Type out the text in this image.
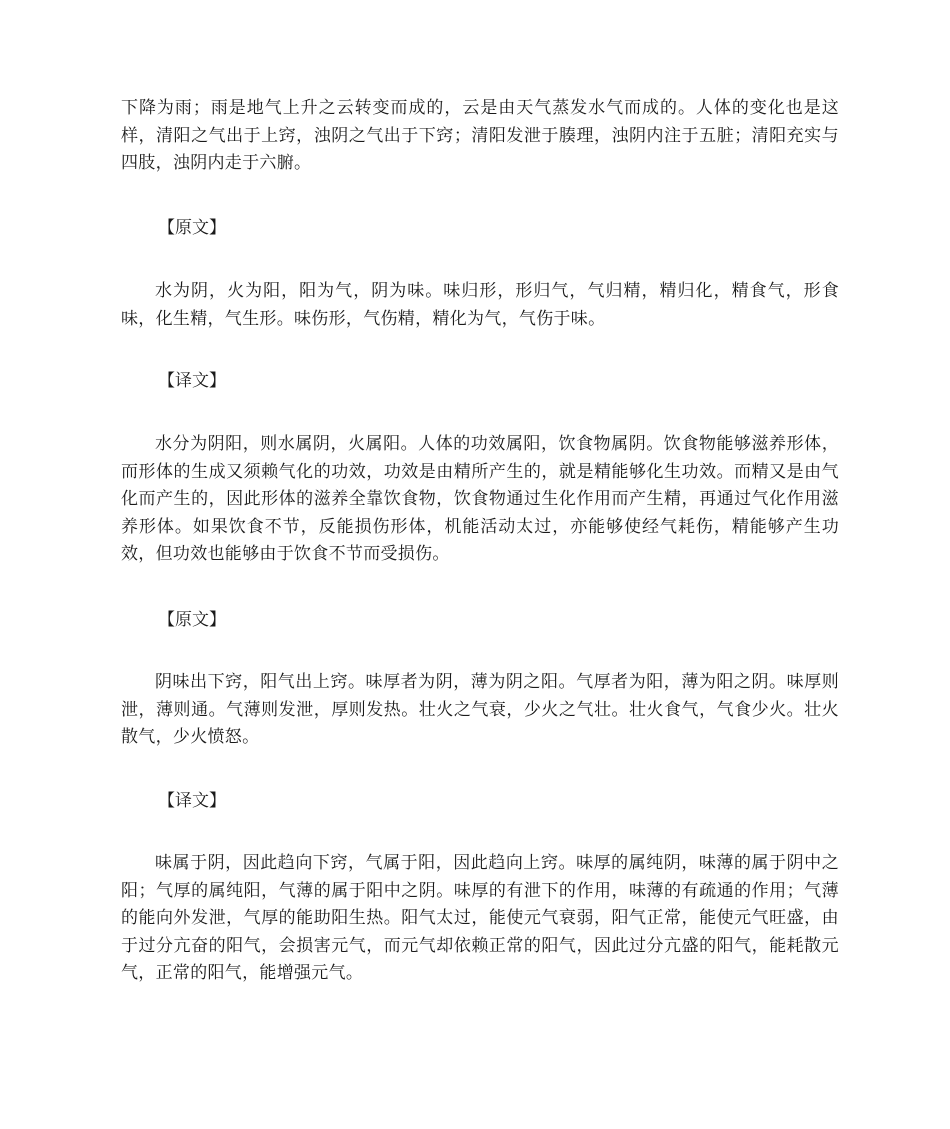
下降为雨；雨是地气上升之云转变而成的，云是由天气蒸发水气而成的。人体的变化也是这样，清阳之气出于上窍，浊阴之气出于下窍；清阳发泄于腠理，浊阴内注于五脏；清阳充实与四肢，浊阴内走于六腑。

【原文】

水为阴，火为阳，阳为气，阴为味。味归形，形归气，气归精，精归化，精食气，形食味，化生精，气生形。味伤形，气伤精，精化为气，气伤于味。

【译文】

水分为阴阳，则水属阴，火属阳。人体的功效属阳，饮食物属阴。饮食物能够滋养形体，而形体的生成又须赖气化的功效，功效是由精所产生的，就是精能够化生功效。而精又是由气化而产生的，因此形体的滋养全靠饮食物，饮食物通过生化作用而产生精，再通过气化作用滋养形体。如果饮食不节，反能损伤形体，机能活动太过，亦能够使经气耗伤，精能够产生功效，但功效也能够由于饮食不节而受损伤。

【原文】

阴味出下窍，阳气出上窍。味厚者为阴，薄为阴之阳。气厚者为阳，薄为阳之阴。味厚则泄，薄则通。气薄则发泄，厚则发热。壮火之气衰，少火之气壮。壮火食气，气食少火。壮火散气，少火愤怒。

【译文】

味属于阴，因此趋向下窍，气属于阳，因此趋向上窍。味厚的属纯阴，味薄的属于阴中之阳；气厚的属纯阳，气薄的属于阳中之阴。味厚的有泄下的作用，味薄的有疏通的作用；气薄的能向外发泄，气厚的能助阳生热。阳气太过，能使元气衰弱，阳气正常，能使元气旺盛，由于过分亢奋的阳气，会损害元气，而元气却依赖正常的阳气，因此过分亢盛的阳气，能耗散元气，正常的阳气，能增强元气。
